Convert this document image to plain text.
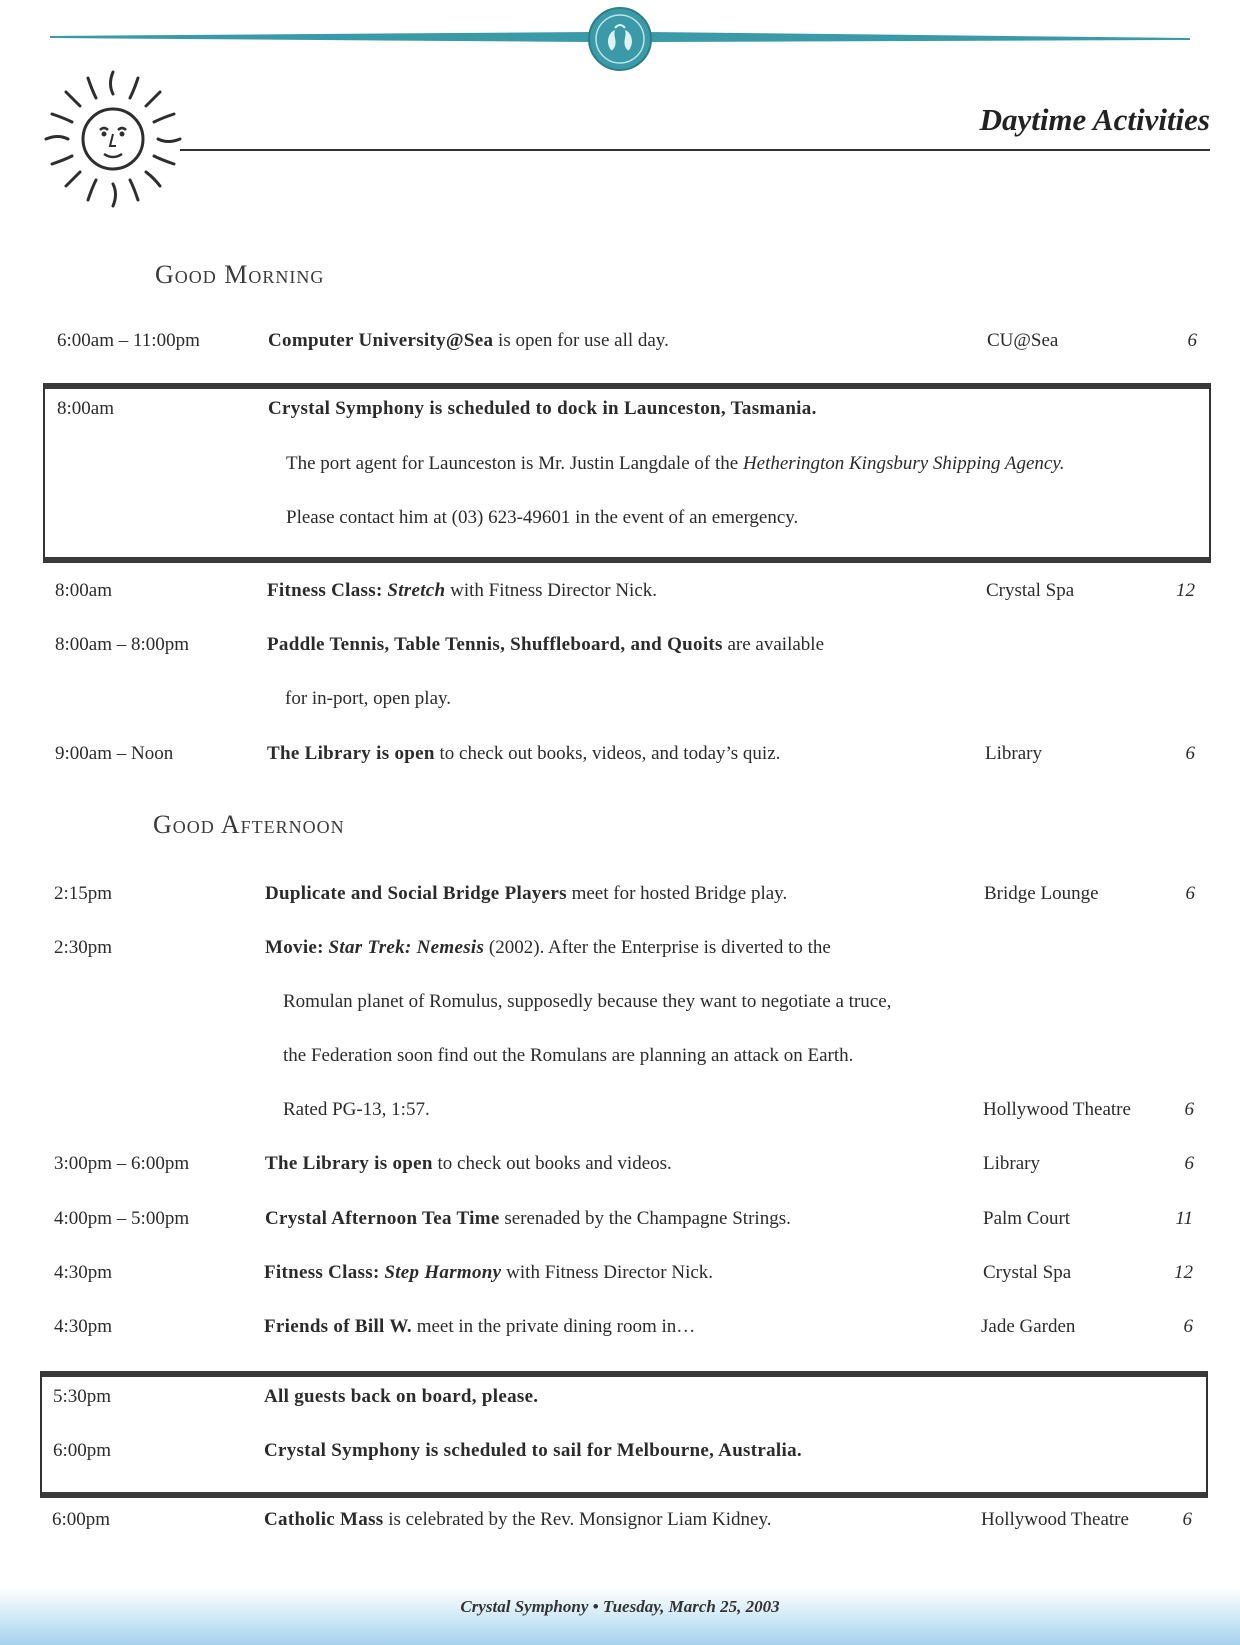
Daytime Activities
Good Morning
6:00am – 11:00pm	Computer University@Sea is open for use all day.	CU@Sea	6
8:00am	Crystal Symphony is scheduled to dock in Launceston, Tasmania.
The port agent for Launceston is Mr. Justin Langdale of the Hetherington Kingsbury Shipping Agency.
Please contact him at (03) 623-49601 in the event of an emergency.
8:00am	Fitness Class: Stretch with Fitness Director Nick.	Crystal Spa	12
8:00am – 8:00pm	Paddle Tennis, Table Tennis, Shuffleboard, and Quoits are available
for in-port, open play.
9:00am – Noon	The Library is open to check out books, videos, and today’s quiz.	Library	6
Good Afternoon
2:15pm	Duplicate and Social Bridge Players meet for hosted Bridge play.	Bridge Lounge	6
2:30pm	Movie: Star Trek: Nemesis (2002). After the Enterprise is diverted to the
Romulan planet of Romulus, supposedly because they want to negotiate a truce,
the Federation soon find out the Romulans are planning an attack on Earth.
Rated PG-13, 1:57.	Hollywood Theatre	6
3:00pm – 6:00pm	The Library is open to check out books and videos.	Library	6
4:00pm – 5:00pm	Crystal Afternoon Tea Time serenaded by the Champagne Strings.	Palm Court	11
4:30pm	Fitness Class: Step Harmony with Fitness Director Nick.	Crystal Spa	12
4:30pm	Friends of Bill W. meet in the private dining room in…	Jade Garden	6
5:30pm	All guests back on board, please.
6:00pm	Crystal Symphony is scheduled to sail for Melbourne, Australia.
6:00pm	Catholic Mass is celebrated by the Rev. Monsignor Liam Kidney.	Hollywood Theatre	6
Crystal Symphony • Tuesday, March 25, 2003
